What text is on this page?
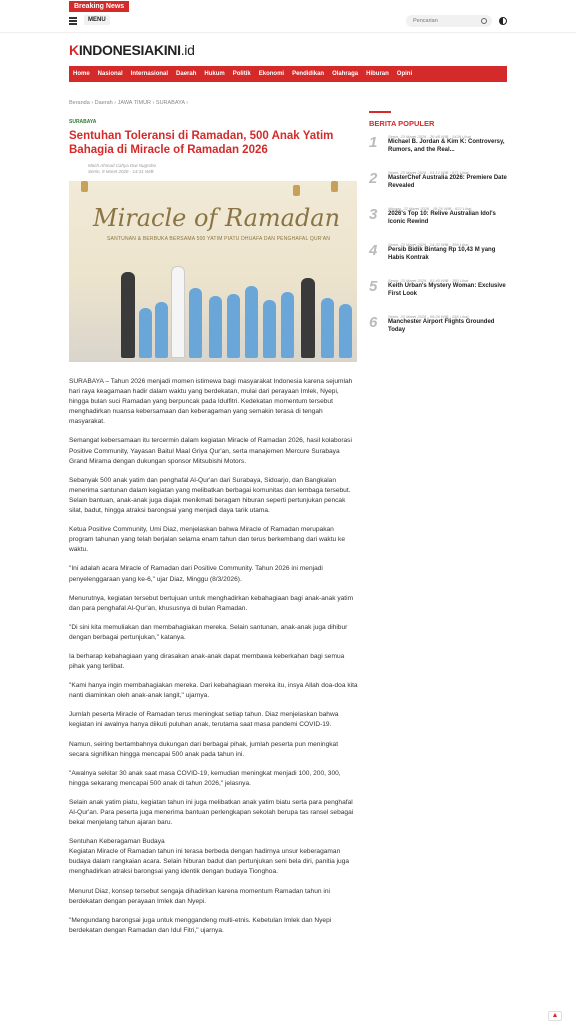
Breaking News
MENU	Pencarian
KINDONESIAKINI.id
Home Nasional Internasional Daerah Hukum Politik Ekonomi Pendidikan Olahraga Hiburan Opini
Beranda › Daerah › JAWA TIMUR › SURABAYA ›
SURABAYA
Sentuhan Toleransi di Ramadan, 500 Anak Yatim Bahagia di Miracle of Ramadan 2026
Moch.Ahmad Cahya Dwi Nugroho
Senin, 9 Maret 2026 - 14:31 WIB
Miracle of Ramadan
SANTUNAN & BERBUKA BERSAMA 500 YATIM PIATU DHUAFA DAN PENGHAFAL QUR'AN

SURABAYA – Tahun 2026 menjadi momen istimewa bagi masyarakat Indonesia karena sejumlah hari raya keagamaan hadir dalam waktu yang berdekatan, mulai dari perayaan Imlek, Nyepi, hingga bulan suci Ramadan yang berpuncak pada Idulfitri. Kedekatan momentum tersebut menghadirkan nuansa kebersamaan dan keberagaman yang semakin terasa di tengah masyarakat.

Semangat kebersamaan itu tercermin dalam kegiatan Miracle of Ramadan 2026, hasil kolaborasi Positive Community, Yayasan Baitul Maal Griya Qur'an, serta manajemen Mercure Surabaya Grand Mirama dengan dukungan sponsor Mitsubishi Motors.

Sebanyak 500 anak yatim dan penghafal Al-Qur'an dari Surabaya, Sidoarjo, dan Bangkalan menerima santunan dalam kegiatan yang melibatkan berbagai komunitas dan lembaga tersebut. Selain bantuan, anak-anak juga diajak menikmati beragam hiburan seperti pertunjukan pencak silat, badut, hingga atraksi barongsai yang menjadi daya tarik utama.

Ketua Positive Community, Umi Diaz, menjelaskan bahwa Miracle of Ramadan merupakan program tahunan yang telah berjalan selama enam tahun dan terus berkembang dari waktu ke waktu.

"Ini adalah acara Miracle of Ramadan dari Positive Community. Tahun 2026 ini menjadi penyelenggaraan yang ke-6," ujar Diaz, Minggu (8/3/2026).

Menurutnya, kegiatan tersebut bertujuan untuk menghadirkan kebahagiaan bagi anak-anak yatim dan para penghafal Al-Qur'an, khususnya di bulan Ramadan.

"Di sini kita memuliakan dan membahagiakan mereka. Selain santunan, anak-anak juga dihibur dengan berbagai pertunjukan," katanya.

Ia berharap kebahagiaan yang dirasakan anak-anak dapat membawa keberkahan bagi semua pihak yang terlibat.

"Kami hanya ingin membahagiakan mereka. Dari kebahagiaan mereka itu, insya Allah doa-doa kita nanti diaminkan oleh anak-anak langit," ujarnya.

Jumlah peserta Miracle of Ramadan terus meningkat setiap tahun. Diaz menjelaskan bahwa kegiatan ini awalnya hanya diikuti puluhan anak, terutama saat masa pandemi COVID-19.

Namun, seiring bertambahnya dukungan dari berbagai pihak, jumlah peserta pun meningkat secara signifikan hingga mencapai 500 anak pada tahun ini.

"Awalnya sekitar 30 anak saat masa COVID-19, kemudian meningkat menjadi 100, 200, 300, hingga sekarang mencapai 500 anak di tahun 2026," jelasnya.

Selain anak yatim piatu, kegiatan tahun ini juga melibatkan anak yatim biatu serta para penghafal Al-Qur'an. Para peserta juga menerima bantuan perlengkapan sekolah berupa tas ransel sebagai bekal menjelang tahun ajaran baru.

Sentuhan Keberagaman Budaya
Kegiatan Miracle of Ramadan tahun ini terasa berbeda dengan hadirnya unsur keberagaman budaya dalam rangkaian acara. Selain hiburan badut dan pertunjukan seni bela diri, panitia juga menghadirkan atraksi barongsai yang identik dengan budaya Tionghoa.

Menurut Diaz, konsep tersebut sengaja dihadirkan karena momentum Ramadan tahun ini berdekatan dengan perayaan Imlek dan Nyepi.

"Mengundang barongsai juga untuk menggandeng multi-etnis. Kebetulan Imlek dan Nyepi berdekatan dengan Ramadan dan Idul Fitri," ujarnya.

BERITA POPULER
1	Senin, 23 Maret 2026 - 20:48 WIB · 1439 Lihat
Michael B. Jordan & Kim K: Controversy, Rumors, and the Real...
2	Senin, 23 Maret 2026 - 03:12 WIB · 671 Lihat
MasterChef Australia 2026: Premiere Date Revealed
3	Minggu, 22 Maret 2026 - 18:25 WIB · 622 Lihat
2026's Top 10: Relive Australian Idol's Iconic Rewind
4	Senin, 23 Maret 2026 - 14:32 WIB · 359 Lihat
Persib Bidik Bintang Rp 10,43 M yang Habis Kontrak
5	Senin, 23 Maret 2026 - 01:40 WIB · 350 Lihat
Keith Urban's Mystery Woman: Exclusive First Look
6	Senin, 23 Maret 2026 - 06:26 WIB · 285 Lihat
Manchester Airport Flights Grounded Today
▲
